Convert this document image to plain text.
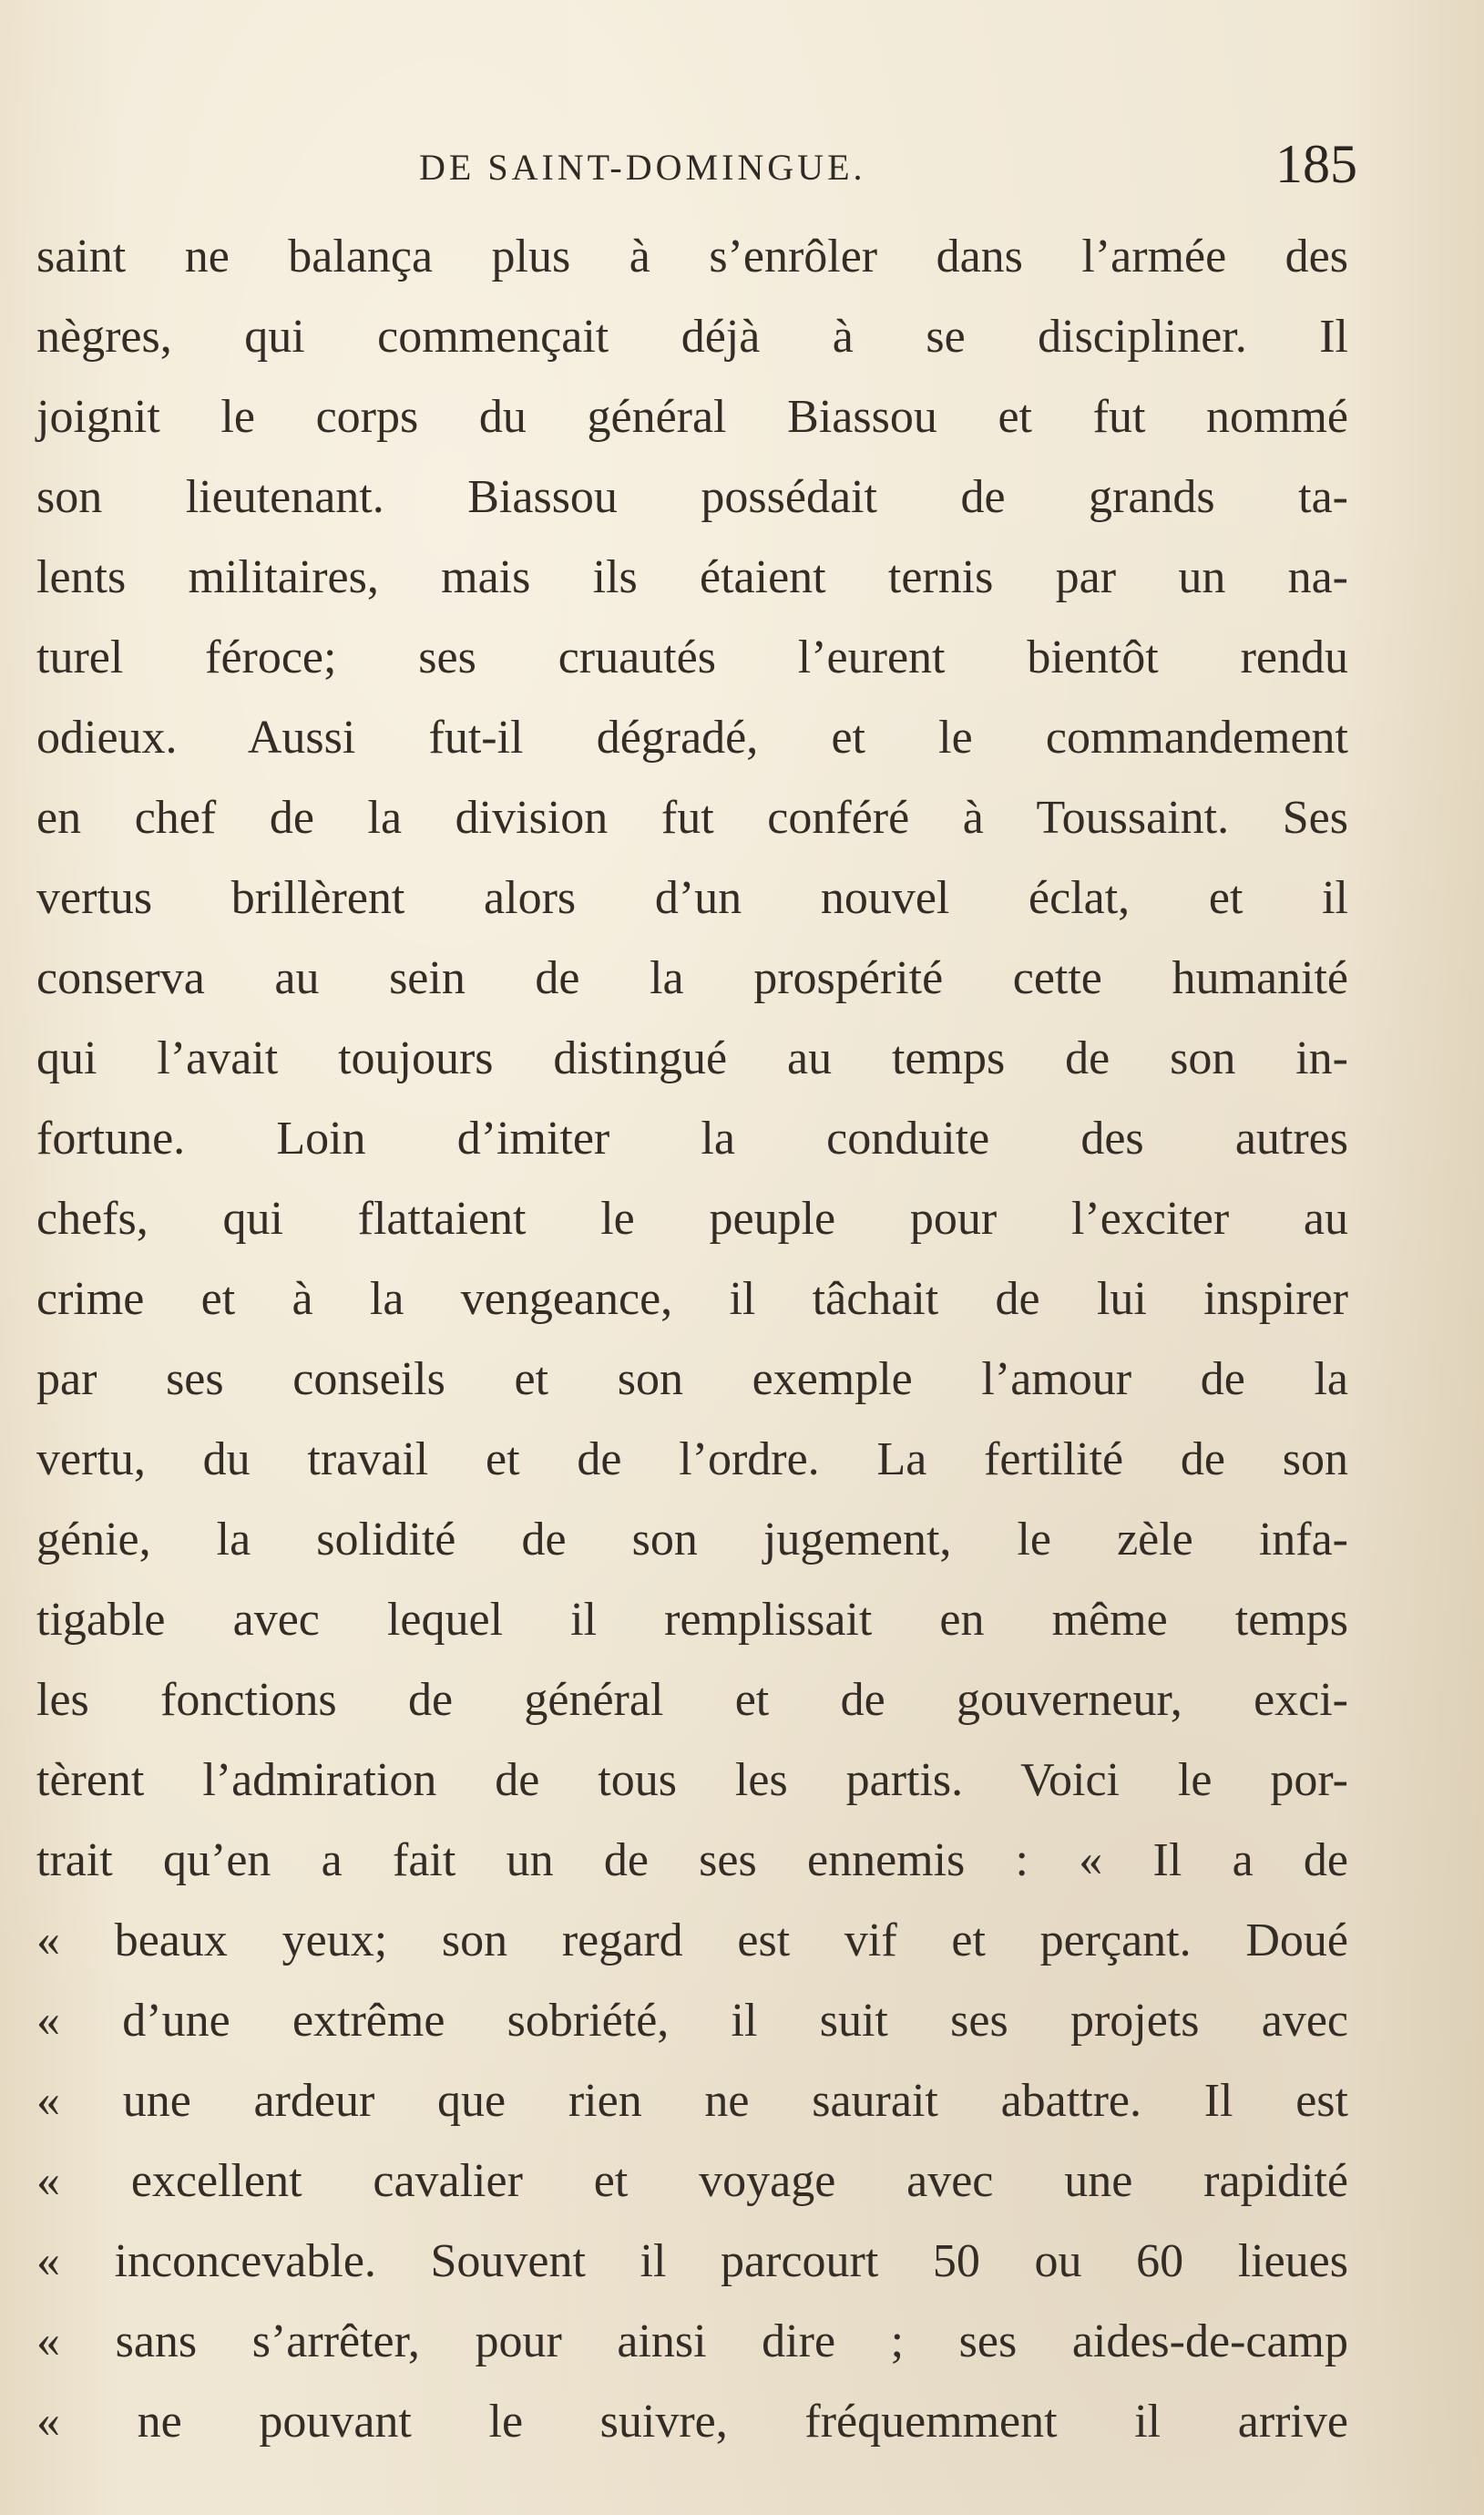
DE SAINT-DOMINGUE.	185
saint ne balança plus à s’enrôler dans l’armée des
nègres, qui commençait déjà à se discipliner. Il
joignit le corps du général Biassou et fut nommé
son lieutenant. Biassou possédait de grands ta-
lents militaires, mais ils étaient ternis par un na-
turel féroce; ses cruautés l’eurent bientôt rendu
odieux. Aussi fut-il dégradé, et le commandement
en chef de la division fut conféré à Toussaint. Ses
vertus brillèrent alors d’un nouvel éclat, et il
conserva au sein de la prospérité cette humanité
qui l’avait toujours distingué au temps de son in-
fortune. Loin d’imiter la conduite des autres
chefs, qui flattaient le peuple pour l’exciter au
crime et à la vengeance, il tâchait de lui inspirer
par ses conseils et son exemple l’amour de la
vertu, du travail et de l’ordre. La fertilité de son
génie, la solidité de son jugement, le zèle infa-
tigable avec lequel il remplissait en même temps
les fonctions de général et de gouverneur, exci-
tèrent l’admiration de tous les partis. Voici le por-
trait qu’en a fait un de ses ennemis : « Il a de
« beaux yeux; son regard est vif et perçant. Doué
« d’une extrême sobriété, il suit ses projets avec
« une ardeur que rien ne saurait abattre. Il est
« excellent cavalier et voyage avec une rapidité
« inconcevable. Souvent il parcourt 50 ou 60 lieues
« sans s’arrêter, pour ainsi dire ; ses aides-de-camp
« ne pouvant le suivre, fréquemment il arrive
